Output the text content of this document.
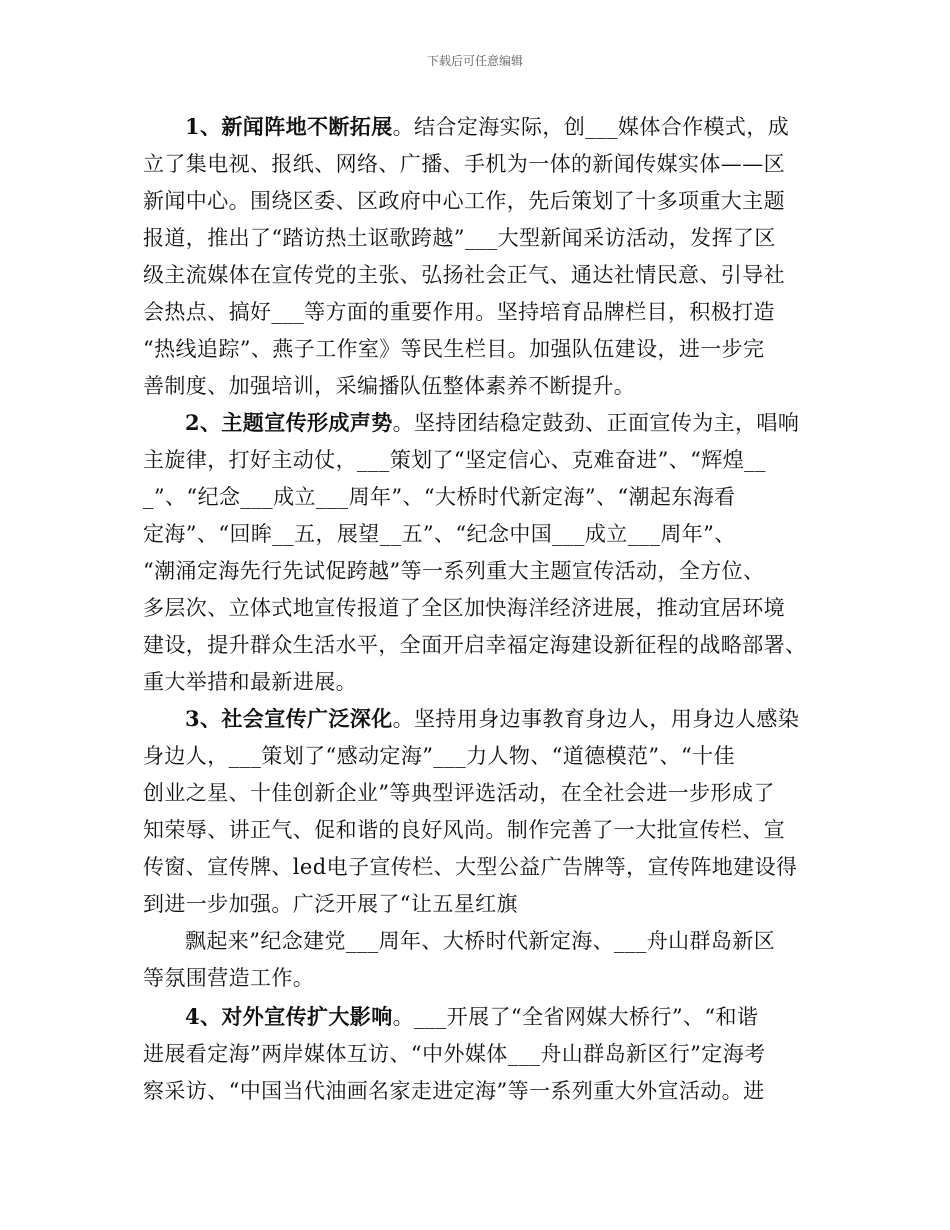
下载后可任意编辑
1、新闻阵地不断拓展。结合定海实际，创___媒体合作模式，成
立了集电视、报纸、网络、广播、手机为一体的新闻传媒实体——区
新闻中心。围绕区委、区政府中心工作，先后策划了十多项重大主题
报道，推出了“踏访热土讴歌跨越”___大型新闻采访活动，发挥了区
级主流媒体在宣传党的主张、弘扬社会正气、通达社情民意、引导社
会热点、搞好___等方面的重要作用。坚持培育品牌栏目，积极打造
“热线追踪”、燕子工作室》等民生栏目。加强队伍建设，进一步完
善制度、加强培训，采编播队伍整体素养不断提升。
2、主题宣传形成声势。坚持团结稳定鼓劲、正面宣传为主，唱响
主旋律，打好主动仗，___策划了“坚定信心、克难奋进”、“辉煌__
_”、“纪念___成立___周年”、“大桥时代新定海”、“潮起东海看
定海”、“回眸__五，展望__五”、“纪念中国___成立___周年”、
“潮涌定海先行先试促跨越”等一系列重大主题宣传活动，全方位、
多层次、立体式地宣传报道了全区加快海洋经济进展，推动宜居环境
建设，提升群众生活水平，全面开启幸福定海建设新征程的战略部署、
重大举措和最新进展。
3、社会宣传广泛深化。坚持用身边事教育身边人，用身边人感染
身边人，___策划了“感动定海”___力人物、“道德模范”、“十佳
创业之星、十佳创新企业”等典型评选活动，在全社会进一步形成了
知荣辱、讲正气、促和谐的良好风尚。制作完善了一大批宣传栏、宣
传窗、宣传牌、led电子宣传栏、大型公益广告牌等，宣传阵地建设得
到进一步加强。广泛开展了“让五星红旗
飘起来”纪念建党___周年、大桥时代新定海、___舟山群岛新区
等氛围营造工作。
4、对外宣传扩大影响。___开展了“全省网媒大桥行”、“和谐
进展看定海”两岸媒体互访、“中外媒体___舟山群岛新区行”定海考
察采访、“中国当代油画名家走进定海”等一系列重大外宣活动。进
